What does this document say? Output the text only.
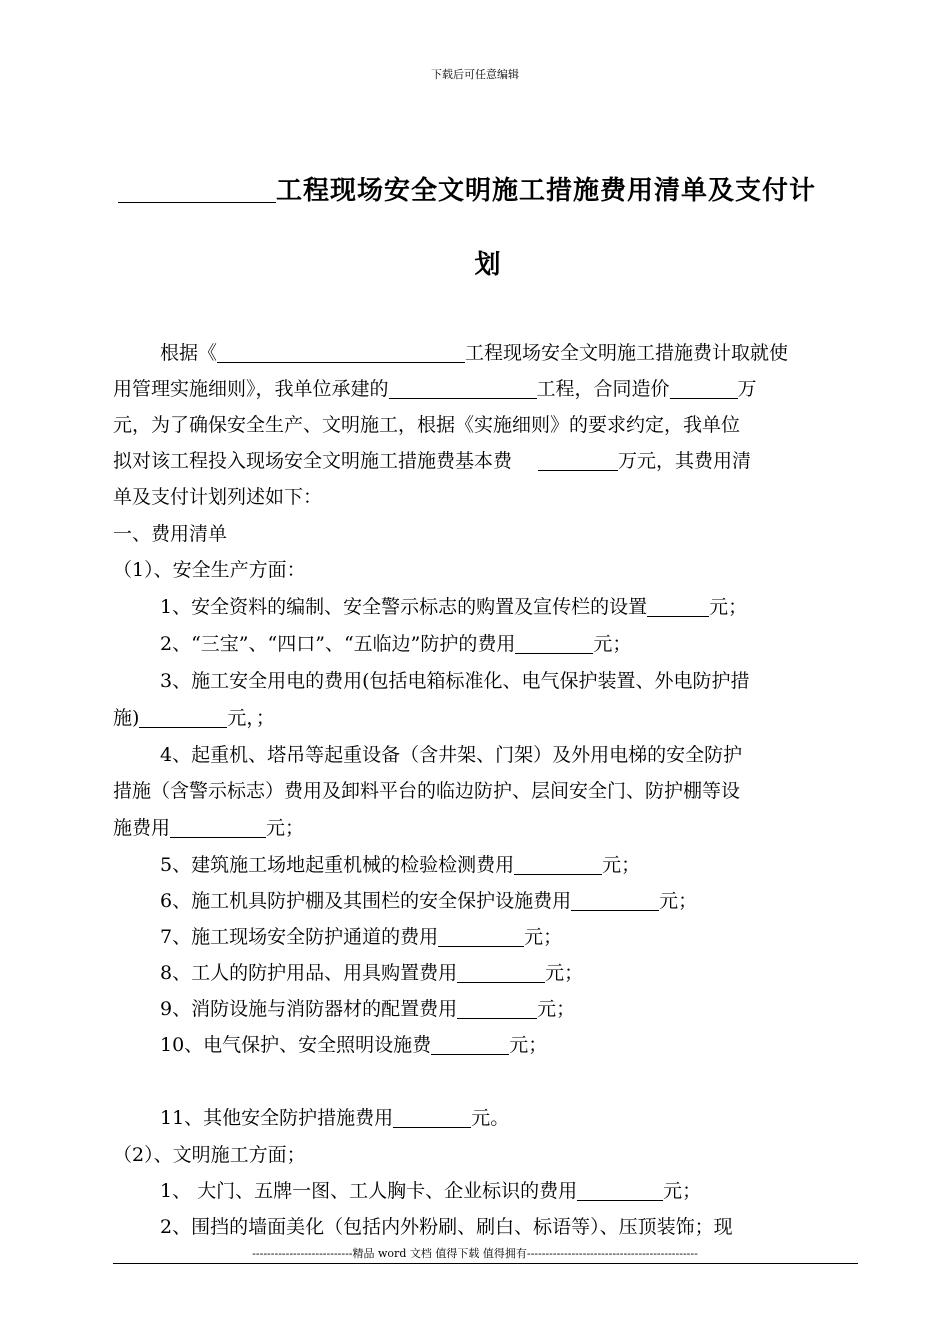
下载后可任意编辑
工程现场安全文明施工措施费用清单及支付计
划
根据《	工程现场安全文明施工措施费计取就使
用管理实施细则》，我单位承建的	工程，合同造价	万
元，为了确保安全生产、文明施工，根据《实施细则》的要求约定，我单位
拟对该工程投入现场安全文明施工措施费基本费	万元，其费用清
单及支付计划列述如下：
一、费用清单
（1）、安全生产方面：
1、安全资料的编制、安全警示标志的购置及宣传栏的设置	元；
2、“三宝”、“四口”、“五临边”防护的费用	元；
3、施工安全用电的费用(包括电箱标准化、电气保护装置、外电防护措
施)	元，；
4、起重机、塔吊等起重设备（含井架、门架）及外用电梯的安全防护
措施（含警示标志）费用及卸料平台的临边防护、层间安全门、防护棚等设
施费用	元；
5、建筑施工场地起重机械的检验检测费用	元；
6、施工机具防护棚及其围栏的安全保护设施费用	元；
7、施工现场安全防护通道的费用	元；
8、工人的防护用品、用具购置费用	元；
9、消防设施与消防器材的配置费用	元；
10、电气保护、安全照明设施费	元；
11、其他安全防护措施费用	元。
（2）、文明施工方面；
1、 大门、五牌一图、工人胸卡、企业标识的费用	元；
2、围挡的墙面美化（包括内外粉刷、刷白、标语等）、压顶装饰；现
---------------------------精品 word 文档 值得下载 值得拥有----------------------------------------------
